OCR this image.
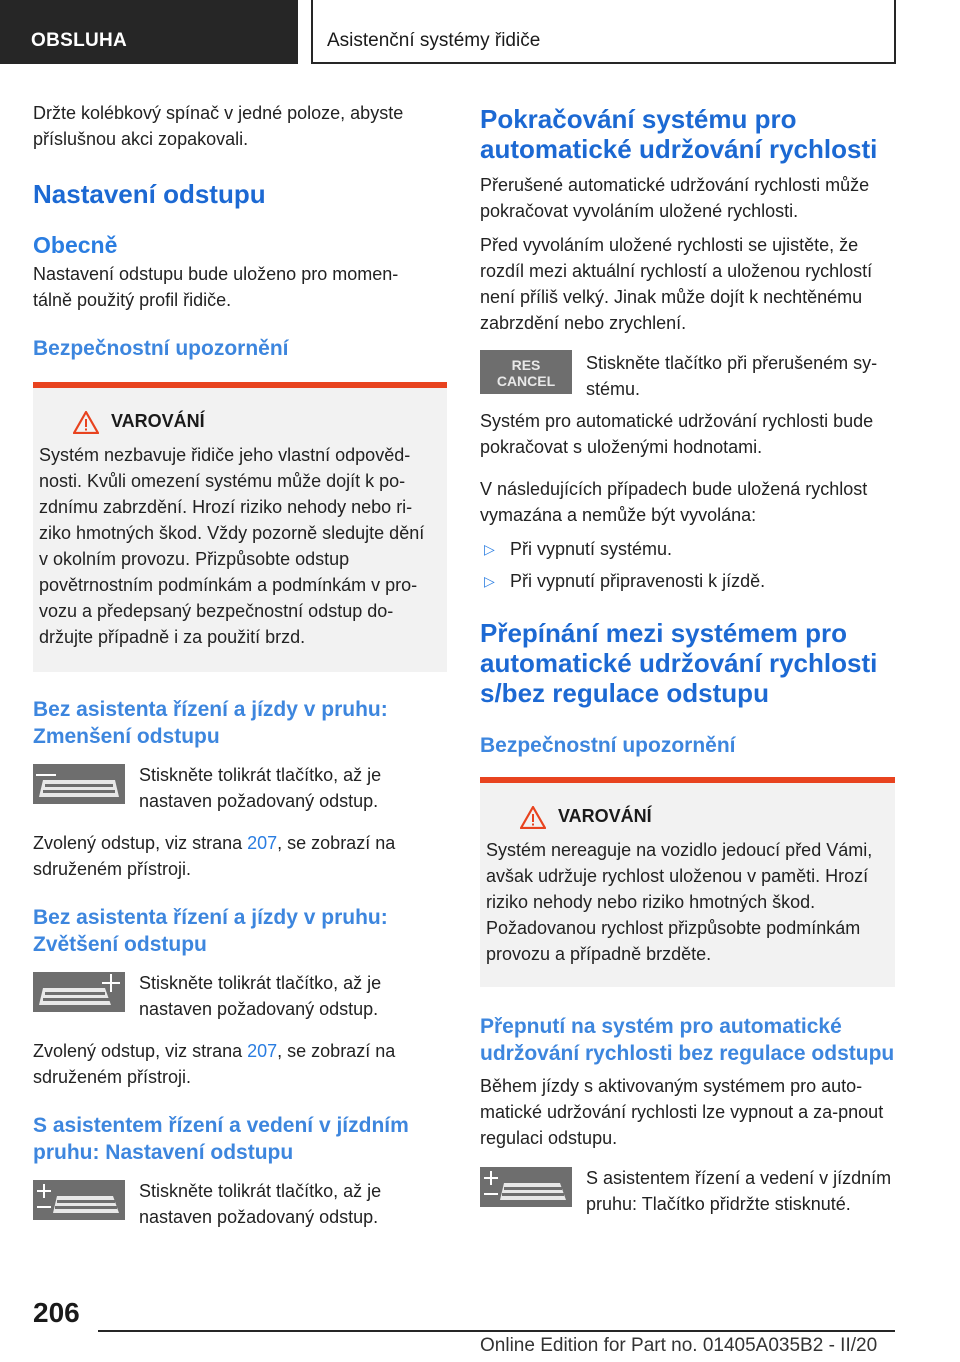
OBSLUHA	Asistenční systémy řidiče

Držte kolébkový spínač v jedné poloze, abyste příslušnou akci zopakovali.

Nastavení odstupu
Obecně

Nastavení odstupu bude uloženo pro momen‐tálně použitý profil řidiče.

Bezpečnostní upozornění
VAROVÁNÍ

Systém nezbavuje řidiče jeho vlastní odpověd‐nosti. Kvůli omezení systému může dojít k po‐zdnímu zabrzdění. Hrozí riziko nehody nebo ri‐ziko hmotných škod. Vždy pozorně sledujte dění v okolním provozu. Přizpůsobte odstup povětrnostním podmínkám a podmínkám v pro‐vozu a předepsaný bezpečnostní odstup do‐držujte případně i za použití brzd.

Bez asistenta řízení a jízdy v pruhu: Zmenšení odstupu
Stiskněte tolikrát tlačítko, až je nastaven požadovaný odstup.

Zvolený odstup, viz strana 207, se zobrazí na sdruženém přístroji.

Bez asistenta řízení a jízdy v pruhu: Zvětšení odstupu
Stiskněte tolikrát tlačítko, až je nastaven požadovaný odstup.

Zvolený odstup, viz strana 207, se zobrazí na sdruženém přístroji.

S asistentem řízení a vedení v jízdním pruhu: Nastavení odstupu
Stiskněte tolikrát tlačítko, až je nastaven požadovaný odstup.
Pokračování systému pro automatické udržování rychlosti

Přerušené automatické udržování rychlosti může pokračovat vyvoláním uložené rychlosti.

Před vyvoláním uložené rychlosti se ujistěte, že rozdíl mezi aktuální rychlostí a uloženou rychlostí není příliš velký. Jinak může dojít k nechtěnému zabrzdění nebo zrychlení.

RES
CANCEL
Stiskněte tlačítko při přerušeném sy‐stému.

Systém pro automatické udržování rychlosti bude pokračovat s uloženými hodnotami.

V následujících případech bude uložená rychlost vymazána a nemůže být vyvolána:

▷ Při vypnutí systému.
▷ Při vypnutí připravenosti k jízdě.
Přepínání mezi systémem pro automatické udržování rychlosti s/bez regulace odstupu
Bezpečnostní upozornění
VAROVÁNÍ

Systém nereaguje na vozidlo jedoucí před Vámi, avšak udržuje rychlost uloženou v paměti. Hrozí riziko nehody nebo riziko hmotných škod. Požadovanou rychlost přizpůsobte podmínkám provozu a případně brzděte.

Přepnutí na systém pro automatické udržování rychlosti bez regulace odstupu

Během jízdy s aktivovaným systémem pro auto‐matické udržování rychlosti lze vypnout a za‐pnout regulaci odstupu.

S asistentem řízení a vedení v jízdním pruhu: Tlačítko přidržte stisknuté.
206
Online Edition for Part no. 01405A035B2 - II/20
